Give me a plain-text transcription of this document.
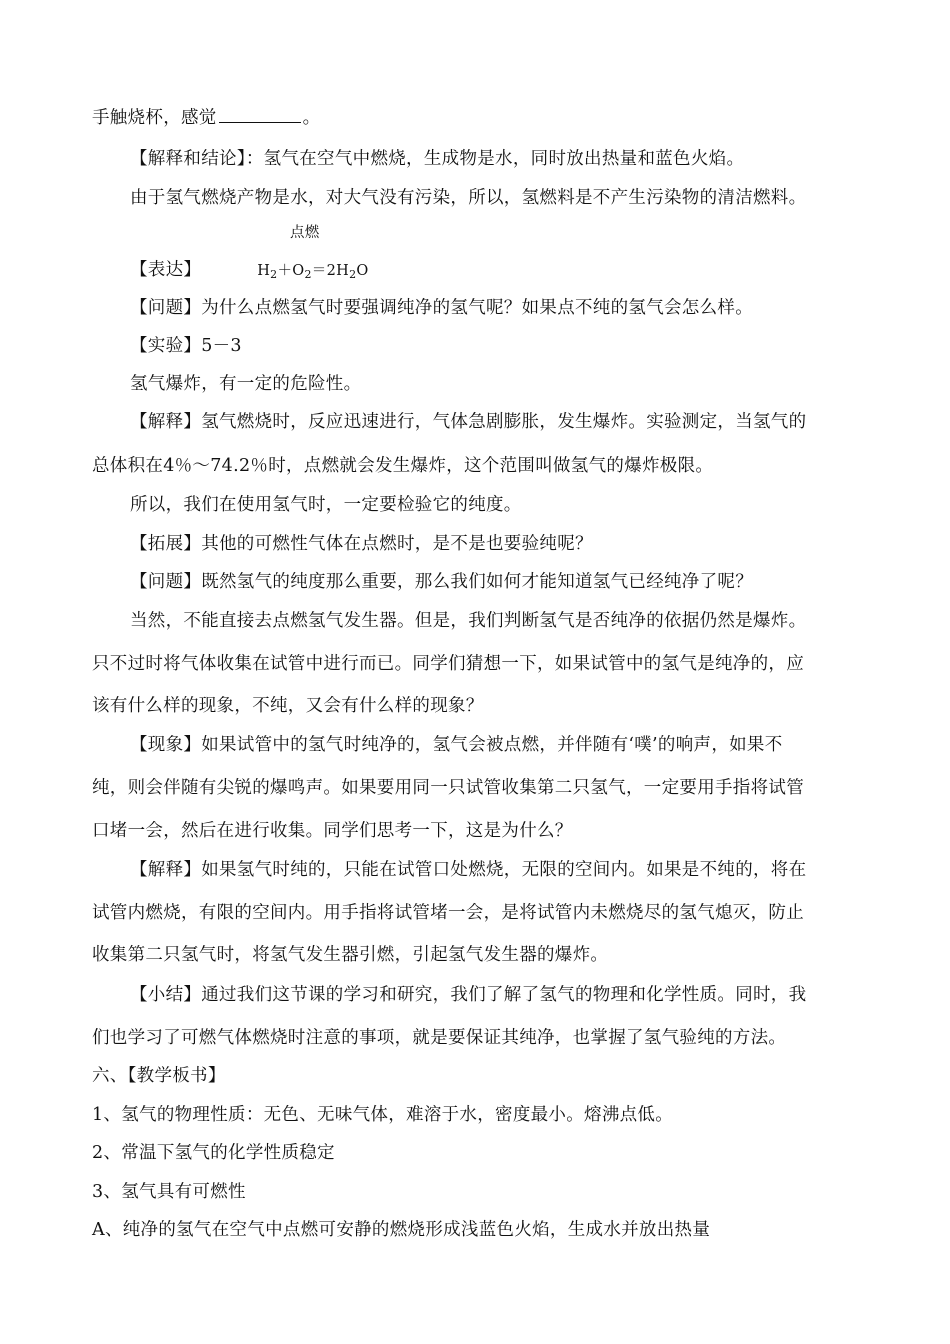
手触烧杯，感觉	。
【解释和结论】：氢气在空气中燃烧，生成物是水，同时放出热量和蓝色火焰。
由于氢气燃烧产物是水，对大气没有污染，所以，氢燃料是不产生污染物的清洁燃料。
点燃
【表达】	$H_2+O_2=2H_2O$
【问题】为什么点燃氢气时要强调纯净的氢气呢？如果点不纯的氢气会怎么样。
【实验】5－3
氢气爆炸，有一定的危险性。
【解释】氢气燃烧时，反应迅速进行，气体急剧膨胀，发生爆炸。实验测定，当氢气的
总体积在4％～74.2％时，点燃就会发生爆炸，这个范围叫做氢气的爆炸极限。
所以，我们在使用氢气时，一定要检验它的纯度。
【拓展】其他的可燃性气体在点燃时，是不是也要验纯呢？
【问题】既然氢气的纯度那么重要，那么我们如何才能知道氢气已经纯净了呢？
当然，不能直接去点燃氢气发生器。但是，我们判断氢气是否纯净的依据仍然是爆炸。
只不过时将气体收集在试管中进行而已。同学们猜想一下，如果试管中的氢气是纯净的，应
该有什么样的现象，不纯，又会有什么样的现象？
【现象】如果试管中的氢气时纯净的，氢气会被点燃，并伴随有‘噗’的响声，如果不
纯，则会伴随有尖锐的爆鸣声。如果要用同一只试管收集第二只氢气，一定要用手指将试管
口堵一会，然后在进行收集。同学们思考一下，这是为什么？
【解释】如果氢气时纯的，只能在试管口处燃烧，无限的空间内。如果是不纯的，将在
试管内燃烧，有限的空间内。用手指将试管堵一会，是将试管内未燃烧尽的氢气熄灭，防止
收集第二只氢气时，将氢气发生器引燃，引起氢气发生器的爆炸。
【小结】通过我们这节课的学习和研究，我们了解了氢气的物理和化学性质。同时，我
们也学习了可燃气体燃烧时注意的事项，就是要保证其纯净，也掌握了氢气验纯的方法。
六、【教学板书】
1、氢气的物理性质：无色、无味气体，难溶于水，密度最小。熔沸点低。
2、常温下氢气的化学性质稳定
3、氢气具有可燃性
A、纯净的氢气在空气中点燃可安静的燃烧形成浅蓝色火焰，生成水并放出热量
